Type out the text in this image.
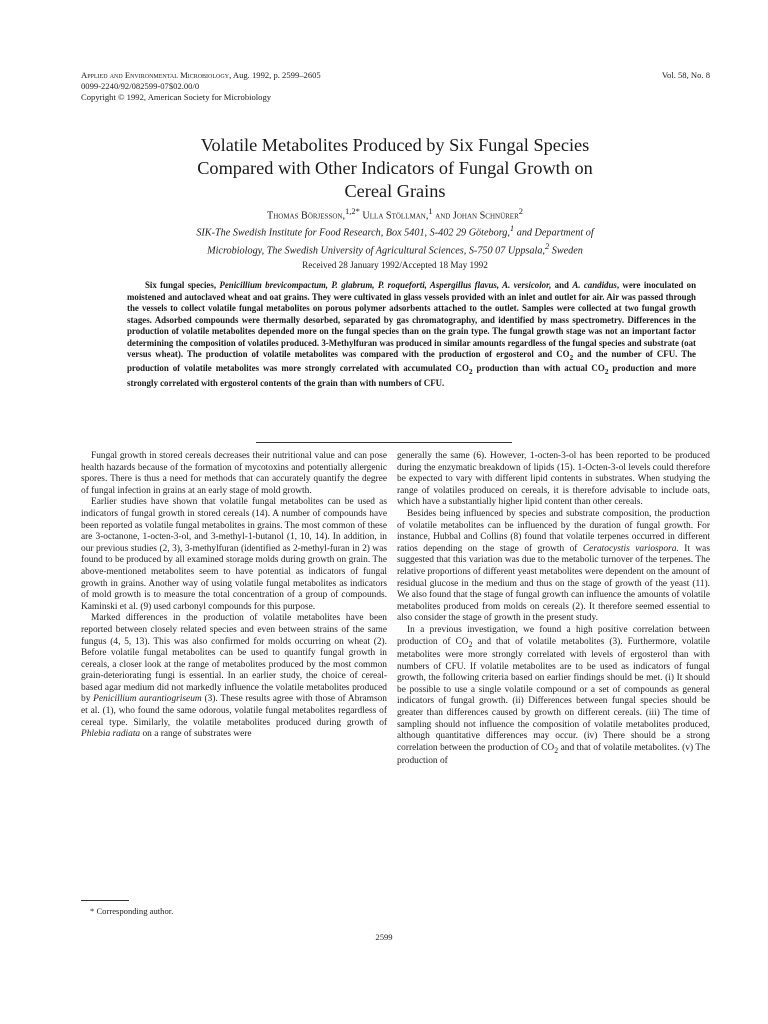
Applied and Environmental Microbiology, Aug. 1992, p. 2599–2605
0099-2240/92/082599-07$02.00/0
Copyright © 1992, American Society for Microbiology
Vol. 58, No. 8
Volatile Metabolites Produced by Six Fungal Species
Compared with Other Indicators of Fungal Growth on
Cereal Grains
Thomas Börjesson,$^{1,2*}$ Ulla Stöllman,$^1$ and Johan Schnürer$^2$
SIK-The Swedish Institute for Food Research, Box 5401, S-402 29 Göteborg,$^1$ and Department of
Microbiology, The Swedish University of Agricultural Sciences, S-750 07 Uppsala,$^2$ Sweden
Received 28 January 1992/Accepted 18 May 1992
Six fungal species, Penicillium brevicompactum, P. glabrum, P. roqueforti, Aspergillus flavus, A. versicolor, and A. candidus, were inoculated on moistened and autoclaved wheat and oat grains. They were cultivated in glass vessels provided with an inlet and outlet for air. Air was passed through the vessels to collect volatile fungal metabolites on porous polymer adsorbents attached to the outlet. Samples were collected at two fungal growth stages. Adsorbed compounds were thermally desorbed, separated by gas chromatography, and identified by mass spectrometry. Differences in the production of volatile metabolites depended more on the fungal species than on the grain type. The fungal growth stage was not an important factor determining the composition of volatiles produced. 3-Methylfuran was produced in similar amounts regardless of the fungal species and substrate (oat versus wheat). The production of volatile metabolites was compared with the production of ergosterol and $CO_2$ and the number of CFU. The production of volatile metabolites was more strongly correlated with accumulated $CO_2$ production than with actual $CO_2$ production and more strongly correlated with ergosterol contents of the grain than with numbers of CFU.

Fungal growth in stored cereals decreases their nutritional value and can pose health hazards because of the formation of mycotoxins and potentially allergenic spores. There is thus a need for methods that can accurately quantify the degree of fungal infection in grains at an early stage of mold growth.

Earlier studies have shown that volatile fungal metabolites can be used as indicators of fungal growth in stored cereals (14). A number of compounds have been reported as volatile fungal metabolites in grains. The most common of these are 3-octanone, 1-octen-3-ol, and 3-methyl-1-butanol (1, 10, 14). In addition, in our previous studies (2, 3), 3-methylfuran (identified as 2-methyl-furan in 2) was found to be produced by all examined storage molds during growth on grain. The above-mentioned metabolites seem to have potential as indicators of fungal growth in grains. Another way of using volatile fungal metabolites as indicators of mold growth is to measure the total concentration of a group of compounds. Kaminski et al. (9) used carbonyl compounds for this purpose.

Marked differences in the production of volatile metabolites have been reported between closely related species and even between strains of the same fungus (4, 5, 13). This was also confirmed for molds occurring on wheat (2). Before volatile fungal metabolites can be used to quantify fungal growth in cereals, a closer look at the range of metabolites produced by the most common grain-deteriorating fungi is essential. In an earlier study, the choice of cereal-based agar medium did not markedly influence the volatile metabolites produced by Penicillium aurantiogriseum (3). These results agree with those of Abramson et al. (1), who found the same odorous, volatile fungal metabolites regardless of cereal type. Similarly, the volatile metabolites produced during growth of Phlebia radiata on a range of substrates were

generally the same (6). However, 1-octen-3-ol has been reported to be produced during the enzymatic breakdown of lipids (15). 1-Octen-3-ol levels could therefore be expected to vary with different lipid contents in substrates. When studying the range of volatiles produced on cereals, it is therefore advisable to include oats, which have a substantially higher lipid content than other cereals.

Besides being influenced by species and substrate composition, the production of volatile metabolites can be influenced by the duration of fungal growth. For instance, Hubbal and Collins (8) found that volatile terpenes occurred in different ratios depending on the stage of growth of Ceratocystis variospora. It was suggested that this variation was due to the metabolic turnover of the terpenes. The relative proportions of different yeast metabolites were dependent on the amount of residual glucose in the medium and thus on the stage of growth of the yeast (11). We also found that the stage of fungal growth can influence the amounts of volatile metabolites produced from molds on cereals (2). It therefore seemed essential to also consider the stage of growth in the present study.

In a previous investigation, we found a high positive correlation between production of $CO_2$ and that of volatile metabolites (3). Furthermore, volatile metabolites were more strongly correlated with levels of ergosterol than with numbers of CFU. If volatile metabolites are to be used as indicators of fungal growth, the following criteria based on earlier findings should be met. (i) It should be possible to use a single volatile compound or a set of compounds as general indicators of fungal growth. (ii) Differences between fungal species should be greater than differences caused by growth on different cereals. (iii) The time of sampling should not influence the composition of volatile metabolites produced, although quantitative differences may occur. (iv) There should be a strong correlation between the production of $CO_2$ and that of volatile metabolites. (v) The production of

* Corresponding author.
2599
